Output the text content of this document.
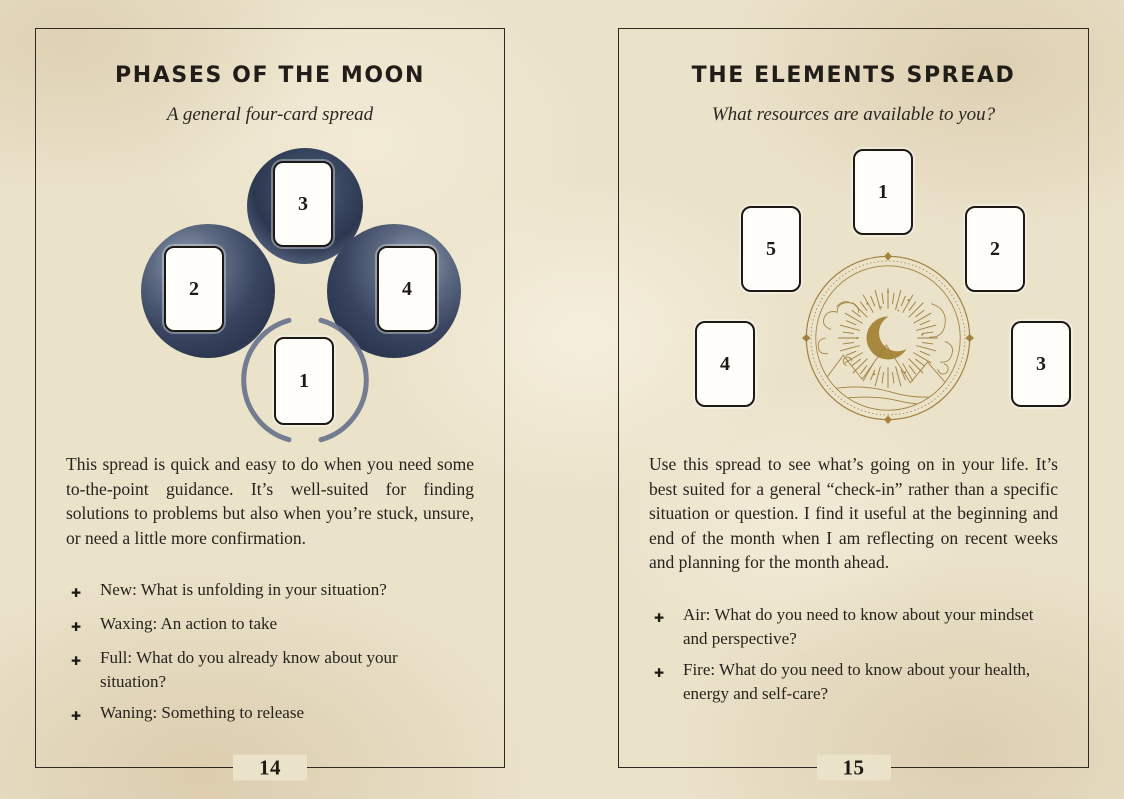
PHASES OF THE MOON
A general four-card spread
3
2	4
1
This spread is quick and easy to do when you need some to-the-point guidance. It’s well-suited for finding solutions to problems but also when you’re stuck, unsure, or need a little more confirmation.
✚	New: What is unfolding in your situation?
✚	Waxing: An action to take
✚	Full: What do you already know about your situation?
✚	Waning: Something to release
14
THE ELEMENTS SPREAD
What resources are available to you?
1
5	2
4	3
Use this spread to see what’s going on in your life. It’s best suited for a general “check-in” rather than a specific situation or question. I find it useful at the beginning and end of the month when I am reflecting on recent weeks and planning for the month ahead.
✚	Air: What do you need to know about your mindset and perspective?
✚	Fire: What do you need to know about your health, energy and self-care?
15
